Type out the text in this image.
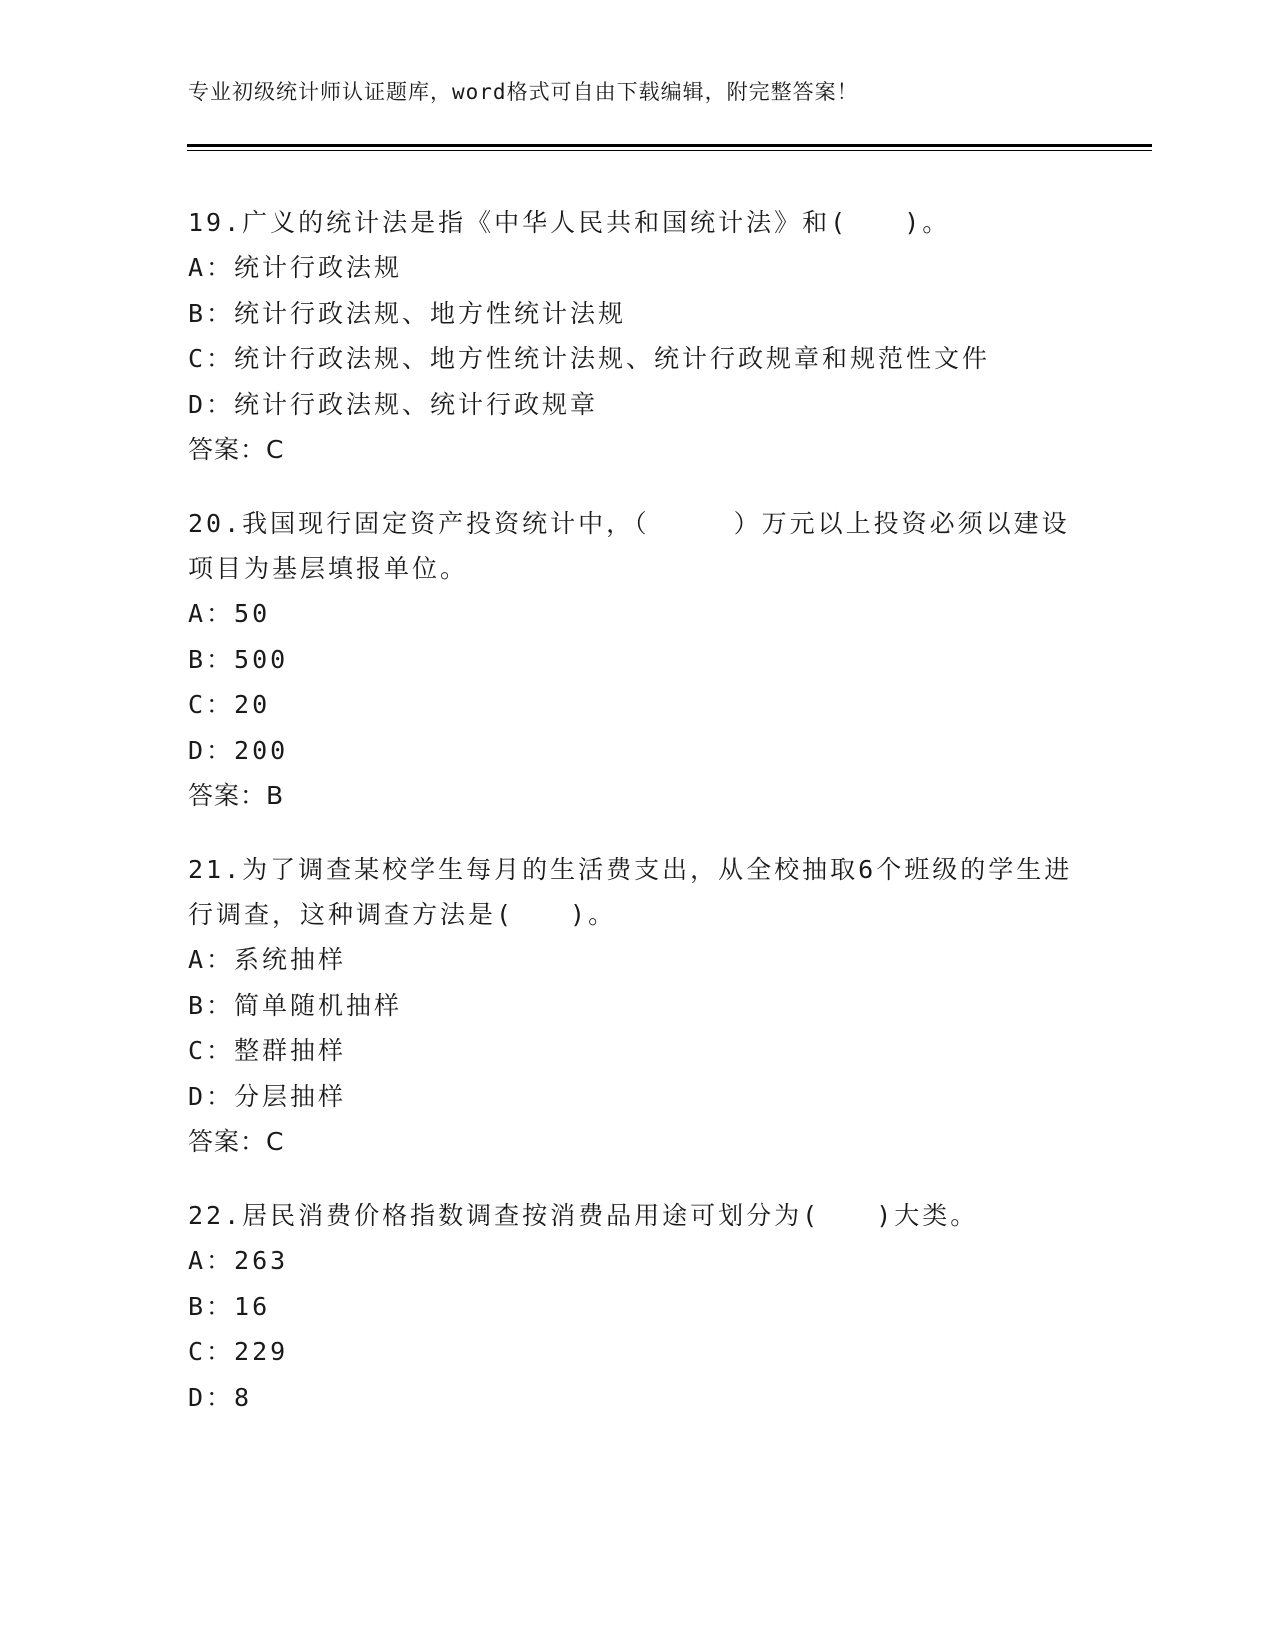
专业初级统计师认证题库，word格式可自由下载编辑，附完整答案！

19.广义的统计法是指《中华人民共和国统计法》和(　　)。

A：统计行政法规
B：统计行政法规、地方性统计法规
C：统计行政法规、地方性统计法规、统计行政规章和规范性文件
D：统计行政法规、统计行政规章
答案：C

20.我国现行固定资产投资统计中，（　　　）万元以上投资必须以建设项目为基层填报单位。

A：50
B：500
C：20
D：200
答案：B

21.为了调查某校学生每月的生活费支出，从全校抽取6个班级的学生进行调查，这种调查方法是(　　)。

A：系统抽样
B：简单随机抽样
C：整群抽样
D：分层抽样
答案：C

22.居民消费价格指数调查按消费品用途可划分为(　　)大类。

A：263
B：16
C：229
D：8
